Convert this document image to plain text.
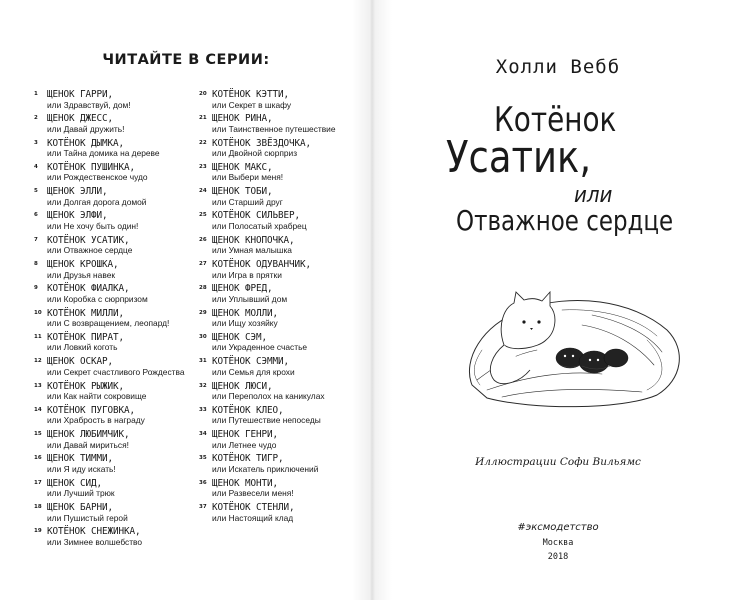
ЧИТАЙТЕ В СЕРИИ:
1 ЩЕНОК ГАРРИ,
или Здравствуй, дом!
2 ЩЕНОК ДЖЕСС,
или Давай дружить!
3 КОТЁНОК ДЫМКА,
или Тайна домика на дереве
4 КОТЁНОК ПУШИНКА,
или Рождественское чудо
5 ЩЕНОК ЭЛЛИ,
или Долгая дорога домой
6 ЩЕНОК ЭЛФИ,
или Не хочу быть один!
7 КОТЁНОК УСАТИК,
или Отважное сердце
8 ЩЕНОК КРОШКА,
или Друзья навек
9 КОТЁНОК ФИАЛКА,
или Коробка с сюрпризом
10 КОТЁНОК МИЛЛИ,
или С возвращением, леопард!
11 КОТЁНОК ПИРАТ,
или Ловкий коготь
12 ЩЕНОК ОСКАР,
или Секрет счастливого Рождества
13 КОТЁНОК РЫЖИК,
или Как найти сокровище
14 КОТЁНОК ПУГОВКА,
или Храбрость в награду
15 ЩЕНОК ЛЮБИМЧИК,
или Давай мириться!
16 ЩЕНОК ТИММИ,
или Я иду искать!
17 ЩЕНОК СИД,
или Лучший трюк
18 ЩЕНОК БАРНИ,
или Пушистый герой
19 КОТЁНОК СНЕЖИНКА,
или Зимнее волшебство
20 КОТЁНОК КЭТТИ,
или Секрет в шкафу
21 ЩЕНОК РИНА,
или Таинственное путешествие
22 КОТЁНОК ЗВЁЗДОЧКА,
или Двойной сюрприз
23 ЩЕНОК МАКС,
или Выбери меня!
24 ЩЕНОК ТОБИ,
или Старший друг
25 КОТЁНОК СИЛЬВЕР,
или Полосатый храбрец
26 ЩЕНОК КНОПОЧКА,
или Умная малышка
27 КОТЁНОК ОДУВАНЧИК,
или Игра в прятки
28 ЩЕНОК ФРЕД,
или Уплывший дом
29 ЩЕНОК МОЛЛИ,
или Ищу хозяйку
30 ЩЕНОК СЭМ,
или Украденное счастье
31 КОТЁНОК СЭММИ,
или Семья для крохи
32 ЩЕНОК ЛЮСИ,
или Переполох на каникулах
33 КОТЁНОК КЛЕО,
или Путешествие непоседы
34 ЩЕНОК ГЕНРИ,
или Летнее чудо
35 КОТЁНОК ТИГР,
или Искатель приключений
36 ЩЕНОК МОНТИ,
или Развесели меня!
37 КОТЁНОК СТЕНЛИ,
или Настоящий клад
Холли Вебб
Котёнок
Усатик,
или
Отважное сердце
Иллюстрации Софи Вильямс
#эксмодетство
Москва
2018
